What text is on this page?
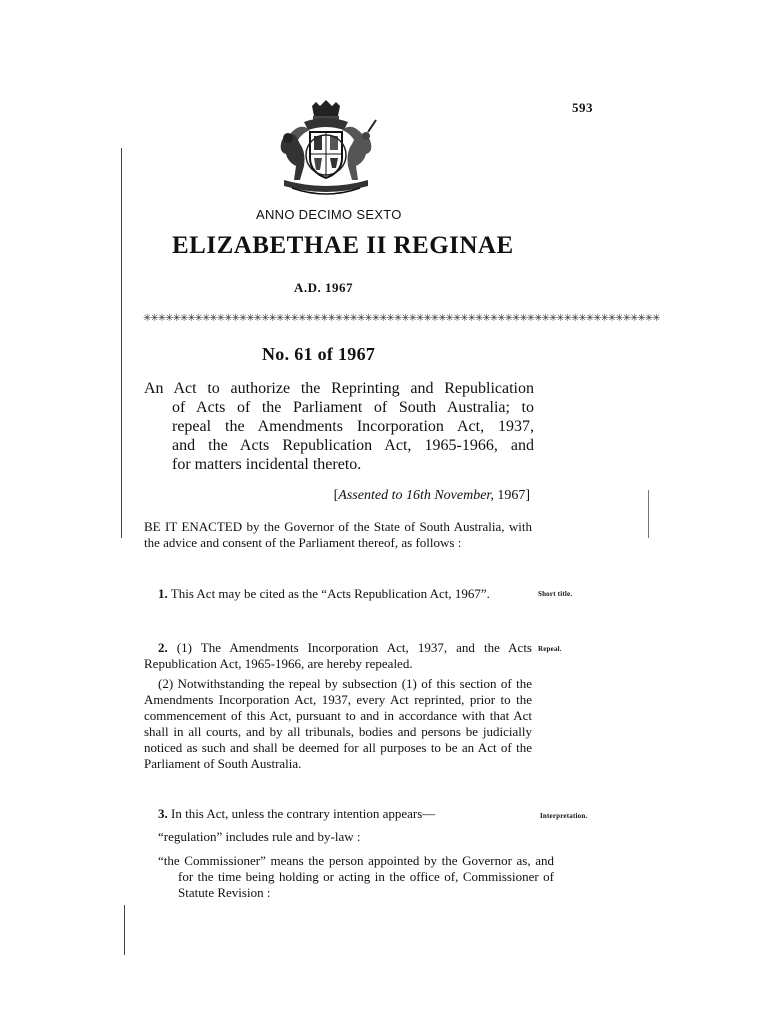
593
ANNO DECIMO SEXTO
ELIZABETHAE II REGINAE
A.D. 1967
✳✳✳✳✳✳✳✳✳✳✳✳✳✳✳✳✳✳✳✳✳✳✳✳✳✳✳✳✳✳✳✳✳✳✳✳✳✳✳✳✳✳✳✳✳✳✳✳✳✳✳✳✳✳✳✳✳✳✳✳✳✳✳✳✳✳✳✳✳✳
No. 61 of 1967
An Act to authorize the Reprinting and Republication
of Acts of the Parliament of South Australia; to
repeal the Amendments Incorporation Act, 1937,
and the Acts Republication Act, 1965-1966, and
for matters incidental thereto.
[Assented to 16th November, 1967]
BE IT ENACTED by the Governor of the State of South Australia, with the advice and consent of the Parliament thereof, as follows :
1. This Act may be cited as the “Acts Republication Act, 1967”.	Short title.
2. (1) The Amendments Incorporation Act, 1937, and the Acts Republication Act, 1965-1966, are hereby repealed.
(2) Notwithstanding the repeal by subsection (1) of this section of the Amendments Incorporation Act, 1937, every Act reprinted, prior to the commencement of this Act, pursuant to and in accordance with that Act shall in all courts, and by all tribunals, bodies and persons be judicially noticed as such and shall be deemed for all purposes to be an Act of the Parliament of South Australia.
Repeal.
3. In this Act, unless the contrary intention appears—	Interpretation.
“regulation” includes rule and by-law :
“the Commissioner” means the person appointed by the Governor as, and for the time being holding or acting in the office of, Commissioner of Statute Revision :
